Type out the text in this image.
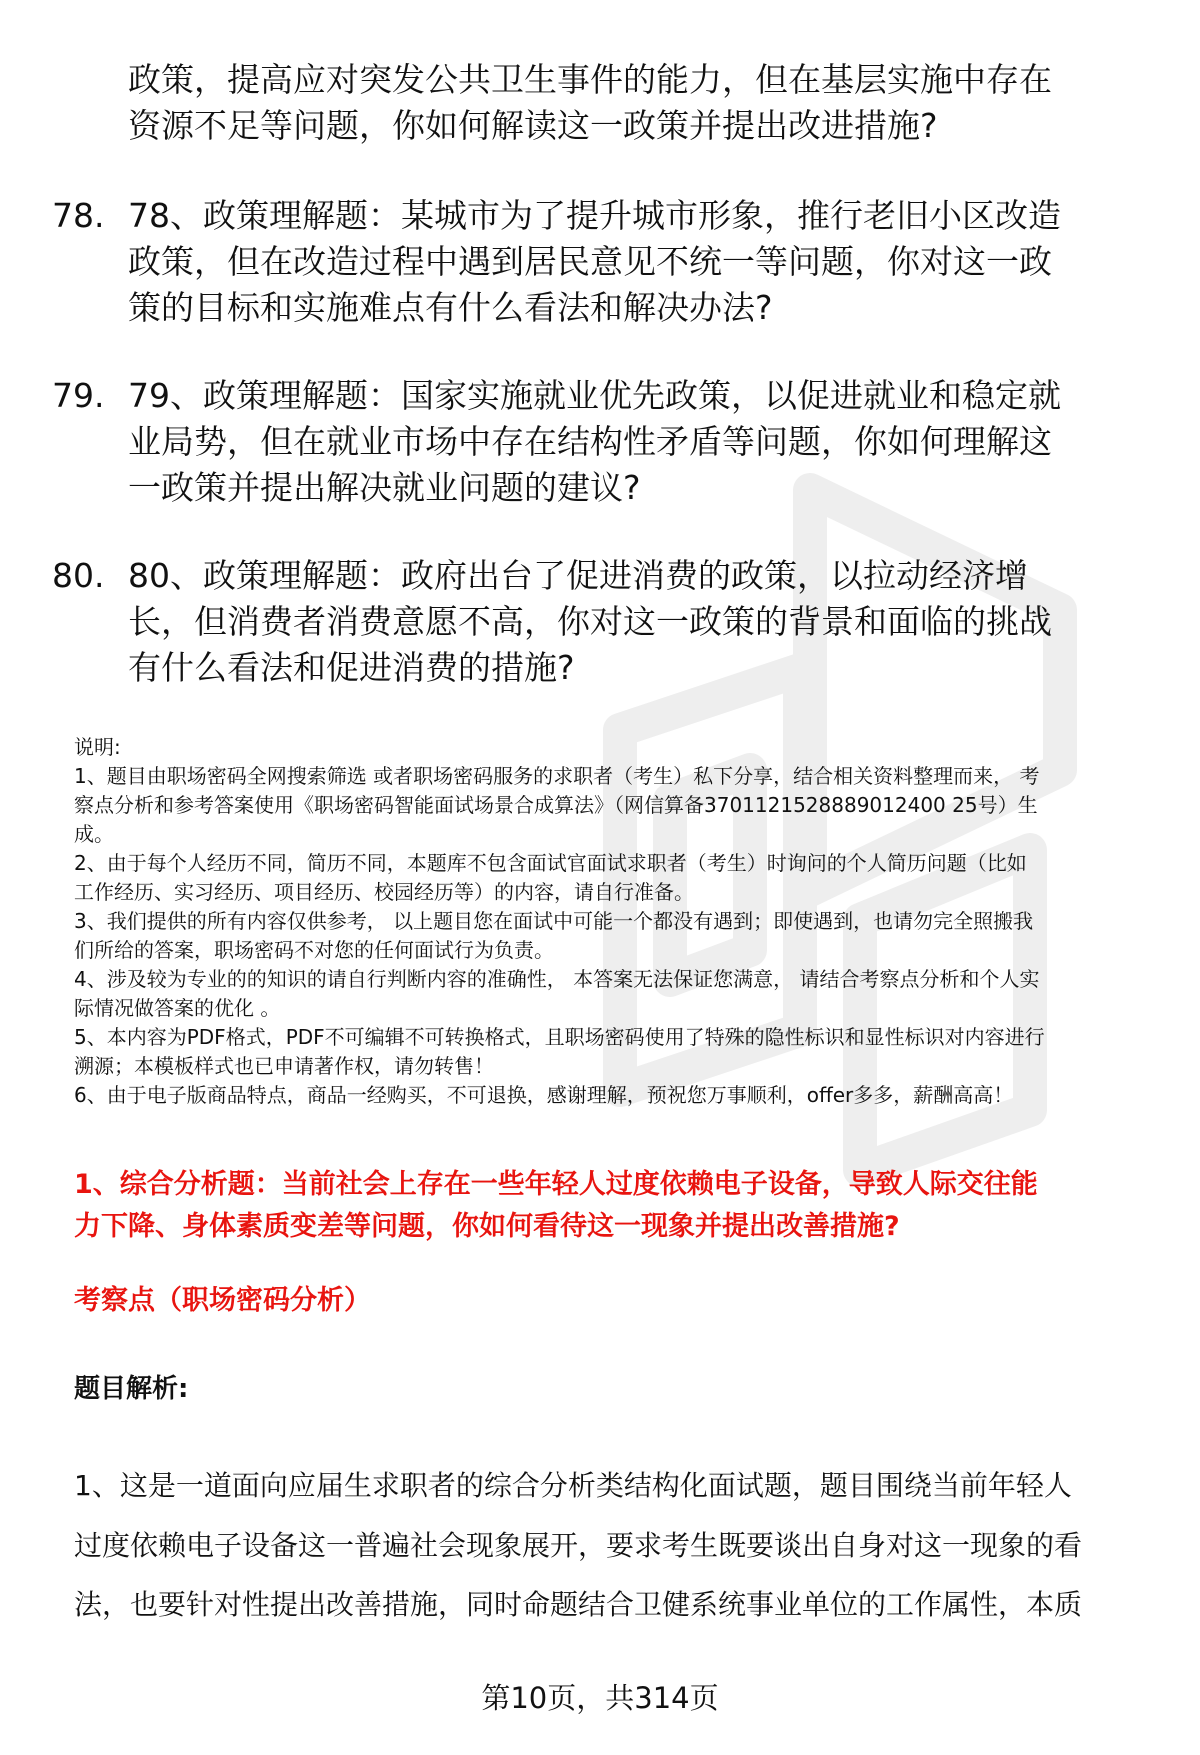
政策，提高应对突发公共卫生事件的能力，但在基层实施中存在
资源不足等问题，你如何解读这一政策并提出改进措施?
78. 78、政策理解题：某城市为了提升城市形象，推行老旧小区改造
政策，但在改造过程中遇到居民意见不统一等问题，你对这一政
策的目标和实施难点有什么看法和解决办法?
79. 79、政策理解题：国家实施就业优先政策，以促进就业和稳定就
业局势，但在就业市场中存在结构性矛盾等问题，你如何理解这
一政策并提出解决就业问题的建议?
80. 80、政策理解题：政府出台了促进消费的政策，以拉动经济增
长，但消费者消费意愿不高，你对这一政策的背景和面临的挑战
有什么看法和促进消费的措施?
说明:
1、题目由职场密码全网搜索筛选 或者职场密码服务的求职者（考生）私下分享，结合相关资料整理而来， 考
察点分析和参考答案使用《职场密码智能面试场景合成算法》（网信算备3701121528889012400 25号）生
成。
2、由于每个人经历不同，简历不同，本题库不包含面试官面试求职者（考生）时询问的个人简历问题（比如
工作经历、实习经历、项目经历、校园经历等）的内容，请自行准备。
3、我们提供的所有内容仅供参考， 以上题目您在面试中可能一个都没有遇到；即使遇到，也请勿完全照搬我
们所给的答案，职场密码不对您的任何面试行为负责。
4、涉及较为专业的的知识的请自行判断内容的准确性， 本答案无法保证您满意， 请结合考察点分析和个人实
际情况做答案的优化 。
5、本内容为PDF格式，PDF不可编辑不可转换格式，且职场密码使用了特殊的隐性标识和显性标识对内容进行
溯源；本模板样式也已申请著作权，请勿转售！
6、由于电子版商品特点，商品一经购买，不可退换，感谢理解，预祝您万事顺利，offer多多，薪酬高高！
1、综合分析题：当前社会上存在一些年轻人过度依赖电子设备，导致人际交往能
力下降、身体素质变差等问题，你如何看待这一现象并提出改善措施?
考察点（职场密码分析）
题目解析:
1、这是一道面向应届生求职者的综合分析类结构化面试题，题目围绕当前年轻人
过度依赖电子设备这一普遍社会现象展开，要求考生既要谈出自身对这一现象的看
法，也要针对性提出改善措施，同时命题结合卫健系统事业单位的工作属性，本质
第10页，共314页
